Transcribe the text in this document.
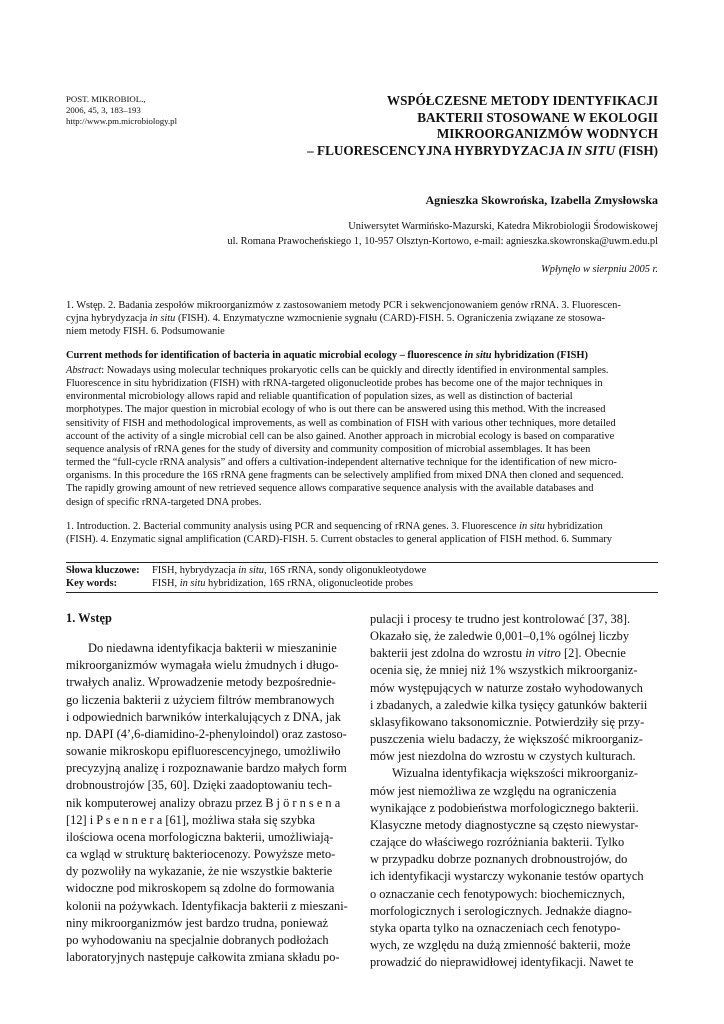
POST. MIKROBIOL.,
2006, 45, 3, 183–193
http://www.pm.microbiology.pl
WSPÓŁCZESNE METODY IDENTYFIKACJI
BAKTERII STOSOWANE W EKOLOGII
MIKROORGANIZMÓW WODNYCH
– FLUORESCENCYJNA HYBRYDYZACJA IN SITU (FISH)
Agnieszka Skowrońska, Izabella Zmysłowska
Uniwersytet Warmińsko-Mazurski, Katedra Mikrobiologii Środowiskowej
ul. Romana Prawocheńskiego 1, 10-957 Olsztyn-Kortowo, e-mail: agnieszka.skowronska@uwm.edu.pl
Wpłynęło w sierpniu 2005 r.
1. Wstęp. 2. Badania zespołów mikroorganizmów z zastosowaniem metody PCR i sekwencjonowaniem genów rRNA. 3. Fluorescen-
cyjna hybrydyzacja in situ (FISH). 4. Enzymatyczne wzmocnienie sygnału (CARD)-FISH. 5. Ograniczenia związane ze stosowa-
niem metody FISH. 6. Podsumowanie
Current methods for identification of bacteria in aquatic microbial ecology – fluorescence in situ hybridization (FISH)
Abstract: Nowadays using molecular techniques prokaryotic cells can be quickly and directly identified in environmental samples.
Fluorescence in situ hybridization (FISH) with rRNA-targeted oligonucleotide probes has become one of the major techniques in
environmental microbiology allows rapid and reliable quantification of population sizes, as well as distinction of bacterial
morphotypes. The major question in microbial ecology of who is out there can be answered using this method. With the increased
sensitivity of FISH and methodological improvements, as well as combination of FISH with various other techniques, more detailed
account of the activity of a single microbial cell can be also gained. Another approach in microbial ecology is based on comparative
sequence analysis of rRNA genes for the study of diversity and community composition of microbial assemblages. It has been
termed the “full-cycle rRNA analysis” and offers a cultivation-independent alternative technique for the identification of new micro-
organisms. In this procedure the 16S rRNA gene fragments can be selectively amplified from mixed DNA then cloned and sequenced.
The rapidly growing amount of new retrieved sequence allows comparative sequence analysis with the available databases and
design of specific rRNA-targeted DNA probes.
1. Introduction. 2. Bacterial community analysis using PCR and sequencing of rRNA genes. 3. Fluorescence in situ hybridization
(FISH). 4. Enzymatic signal amplification (CARD)-FISH. 5. Current obstacles to general application of FISH method. 6. Summary
Słowa kluczowe: FISH, hybrydyzacja in situ, 16S rRNA, sondy oligonukleotydowe
Key words:	FISH, in situ hybridization, 16S rRNA, oligonucleotide probes
1. Wstęp
Do niedawna identyfikacja bakterii w mieszaninie
mikroorganizmów wymagała wielu żmudnych i długo-
trwałych analiz. Wprowadzenie metody bezpośrednie-
go liczenia bakterii z użyciem filtrów membranowych
i odpowiednich barwników interkalujących z DNA, jak
np. DAPI (4’,6-diamidino-2-phenyloindol) oraz zastoso-
sowanie mikroskopu epifluorescencyjnego, umożliwiło
precyzyjną analizę i rozpoznawanie bardzo małych form
drobnoustrojów [35, 60]. Dzięki zaadoptowaniu tech-
nik komputerowej analizy obrazu przez B j ö r n s e n a
[12] i P s e n n e r a [61], możliwa stała się szybka
ilościowa ocena morfologiczna bakterii, umożliwiają-
ca wgląd w strukturę bakteriocenozy. Powyższe meto-
dy pozwoliły na wykazanie, że nie wszystkie bakterie
widoczne pod mikroskopem są zdolne do formowania
kolonii na pożywkach. Identyfikacja bakterii z mieszani-
niny mikroorganizmów jest bardzo trudna, ponieważ
po wyhodowaniu na specjalnie dobranych podłożach
laboratoryjnych następuje całkowita zmiana składu po-
pulacji i procesy te trudno jest kontrolować [37, 38].
Okazało się, że zaledwie 0,001–0,1% ogólnej liczby
bakterii jest zdolna do wzrostu in vitro [2]. Obecnie
ocenia się, że mniej niż 1% wszystkich mikroorganiz-
mów występujących w naturze zostało wyhodowanych
i zbadanych, a zaledwie kilka tysięcy gatunków bakterii
sklasyfikowano taksonomicznie. Potwierdziły się przy-
puszczenia wielu badaczy, że większość mikroorganiz-
mów jest niezdolna do wzrostu w czystych kulturach.
Wizualna identyfikacja większości mikroorganiz-
mów jest niemożliwa ze względu na ograniczenia
wynikające z podobieństwa morfologicznego bakterii.
Klasyczne metody diagnostyczne są często niewystar-
czające do właściwego rozróżniania bakterii. Tylko
w przypadku dobrze poznanych drobnoustrojów, do
ich identyfikacji wystarczy wykonanie testów opartych
o oznaczanie cech fenotypowych: biochemicznych,
morfologicznych i serologicznych. Jednakże diagno-
styka oparta tylko na oznaczeniach cech fenotypo-
wych, ze względu na dużą zmienność bakterii, może
prowadzić do nieprawidłowej identyfikacji. Nawet te
